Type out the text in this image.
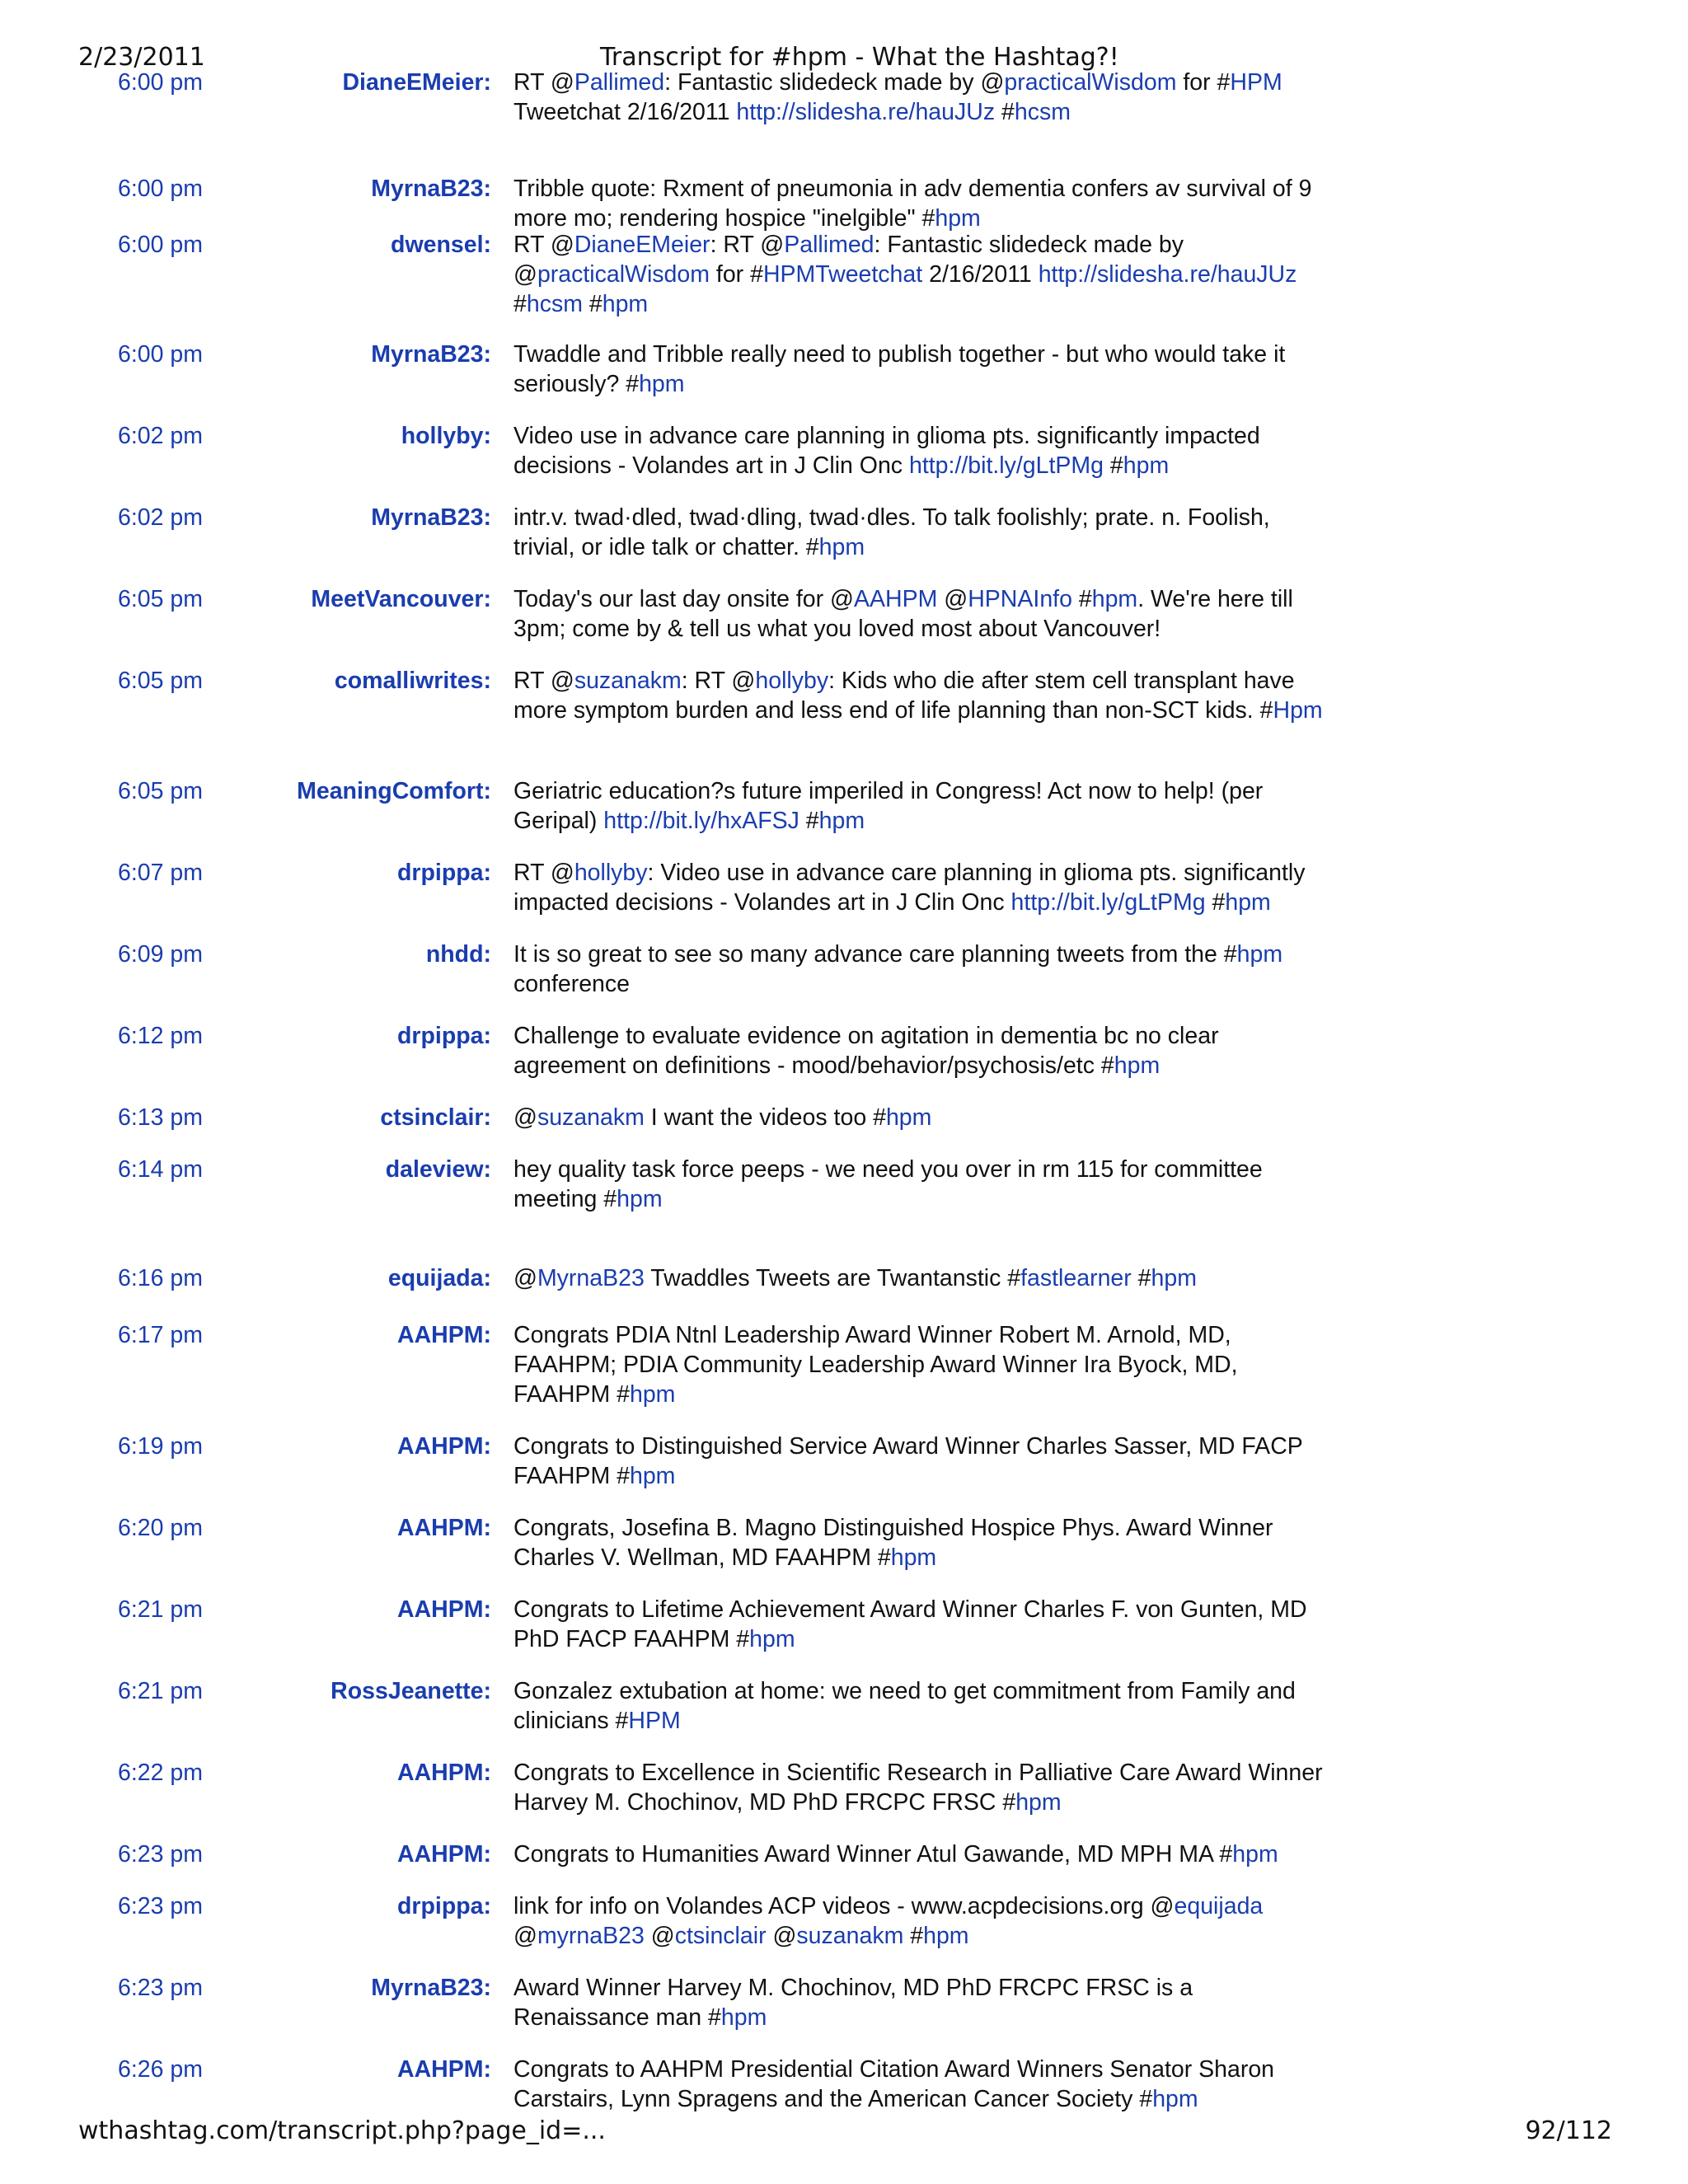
2/23/2011	Transcript for #hpm - What the Hashtag?!
6:00 pm	DianeEMeier: RT @Pallimed: Fantastic slidedeck made by @practicalWisdom for #HPM Tweetchat 2/16/2011 http://slidesha.re/hauJUz #hcsm
6:00 pm	MyrnaB23: Tribble quote: Rxment of pneumonia in adv dementia confers av survival of 9 more mo; rendering hospice "inelgible" #hpm
6:00 pm	dwensel: RT @DianeEMeier: RT @Pallimed: Fantastic slidedeck made by @practicalWisdom for #HPMTweetchat 2/16/2011 http://slidesha.re/hauJUz #hcsm #hpm
6:00 pm	MyrnaB23: Twaddle and Tribble really need to publish together - but who would take it seriously? #hpm
6:02 pm	hollyby: Video use in advance care planning in glioma pts. significantly impacted decisions - Volandes art in J Clin Onc http://bit.ly/gLtPMg #hpm
6:02 pm	MyrnaB23: intr.v. twad·dled, twad·dling, twad·dles. To talk foolishly; prate. n. Foolish, trivial, or idle talk or chatter. #hpm
6:05 pm	MeetVancouver: Today's our last day onsite for @AAHPM @HPNAInfo #hpm. We're here till 3pm; come by & tell us what you loved most about Vancouver!
6:05 pm	comalliwrites: RT @suzanakm: RT @hollyby: Kids who die after stem cell transplant have more symptom burden and less end of life planning than non-SCT kids. #Hpm
6:05 pm	MeaningComfort: Geriatric education?s future imperiled in Congress! Act now to help! (per Geripal) http://bit.ly/hxAFSJ #hpm
6:07 pm	drpippa: RT @hollyby: Video use in advance care planning in glioma pts. significantly impacted decisions - Volandes art in J Clin Onc http://bit.ly/gLtPMg #hpm
6:09 pm	nhdd: It is so great to see so many advance care planning tweets from the #hpm conference
6:12 pm	drpippa: Challenge to evaluate evidence on agitation in dementia bc no clear agreement on definitions - mood/behavior/psychosis/etc #hpm
6:13 pm	ctsinclair: @suzanakm I want the videos too #hpm
6:14 pm	daleview: hey quality task force peeps - we need you over in rm 115 for committee meeting #hpm
6:16 pm	equijada: @MyrnaB23 Twaddles Tweets are Twantanstic #fastlearner #hpm
6:17 pm	AAHPM: Congrats PDIA Ntnl Leadership Award Winner Robert M. Arnold, MD, FAAHPM; PDIA Community Leadership Award Winner Ira Byock, MD, FAAHPM #hpm
6:19 pm	AAHPM: Congrats to Distinguished Service Award Winner Charles Sasser, MD FACP FAAHPM #hpm
6:20 pm	AAHPM: Congrats, Josefina B. Magno Distinguished Hospice Phys. Award Winner Charles V. Wellman, MD FAAHPM #hpm
6:21 pm	AAHPM: Congrats to Lifetime Achievement Award Winner Charles F. von Gunten, MD PhD FACP FAAHPM #hpm
6:21 pm	RossJeanette: Gonzalez extubation at home: we need to get commitment from Family and clinicians #HPM
6:22 pm	AAHPM: Congrats to Excellence in Scientific Research in Palliative Care Award Winner Harvey M. Chochinov, MD PhD FRCPC FRSC #hpm
6:23 pm	AAHPM: Congrats to Humanities Award Winner Atul Gawande, MD MPH MA #hpm
6:23 pm	drpippa: link for info on Volandes ACP videos - www.acpdecisions.org @equijada @myrnaB23 @ctsinclair @suzanakm #hpm
6:23 pm	MyrnaB23: Award Winner Harvey M. Chochinov, MD PhD FRCPC FRSC is a Renaissance man #hpm
6:26 pm	AAHPM: Congrats to AAHPM Presidential Citation Award Winners Senator Sharon Carstairs, Lynn Spragens and the American Cancer Society #hpm
wthashtag.com/transcript.php?page_id=...	92/112
